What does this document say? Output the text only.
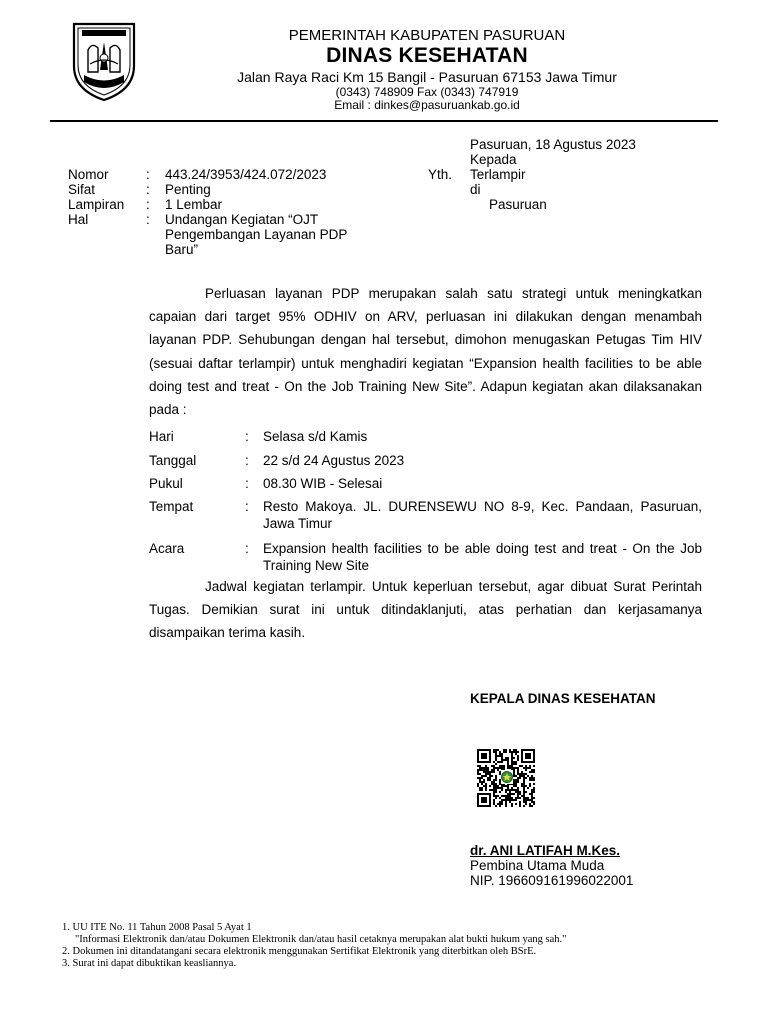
PEMERINTAH KABUPATEN PASURUAN
DINAS KESEHATAN
Jalan Raya Raci Km 15 Bangil - Pasuruan 67153 Jawa Timur
(0343) 748909 Fax (0343) 747919
Email : dinkes@pasuruankab.go.id
Pasuruan, 18 Agustus 2023
Kepada
Yth. Terlampir
di
Pasuruan
Nomor	: 443.24/3953/424.072/2023
Sifat	: Penting
Lampiran	: 1 Lembar
Hal	: Undangan Kegiatan “OJT Pengembangan Layanan PDP Baru”

Perluasan layanan PDP merupakan salah satu strategi untuk meningkatkan capaian dari target 95% ODHIV on ARV, perluasan ini dilakukan dengan menambah layanan PDP. Sehubungan dengan hal tersebut, dimohon menugaskan Petugas Tim HIV (sesuai daftar terlampir) untuk menghadiri kegiatan “Expansion health facilities to be able doing test and treat - On the Job Training New Site”. Adapun kegiatan akan dilaksanakan pada :

Hari	: Selasa s/d Kamis
Tanggal	: 22 s/d 24 Agustus 2023
Pukul	: 08.30 WIB - Selesai
Tempat	: Resto Makoya. JL. DURENSEWU NO 8-9, Kec. Pandaan, Pasuruan, Jawa Timur
Acara	: Expansion health facilities to be able doing test and treat - On the Job Training New Site

Jadwal kegiatan terlampir. Untuk keperluan tersebut, agar dibuat Surat Perintah Tugas. Demikian surat ini untuk ditindaklanjuti, atas perhatian dan kerjasamanya disampaikan terima kasih.

KEPALA DINAS KESEHATAN
dr. ANI LATIFAH M.Kes.
Pembina Utama Muda
NIP. 196609161996022001
1. UU ITE No. 11 Tahun 2008 Pasal 5 Ayat 1
"Informasi Elektronik dan/atau Dokumen Elektronik dan/atau hasil cetaknya merupakan alat bukti hukum yang sah."
2. Dokumen ini ditandatangani secara elektronik menggunakan Sertifikat Elektronik yang diterbitkan oleh BSrE.
3. Surat ini dapat dibuktikan keasliannya.
